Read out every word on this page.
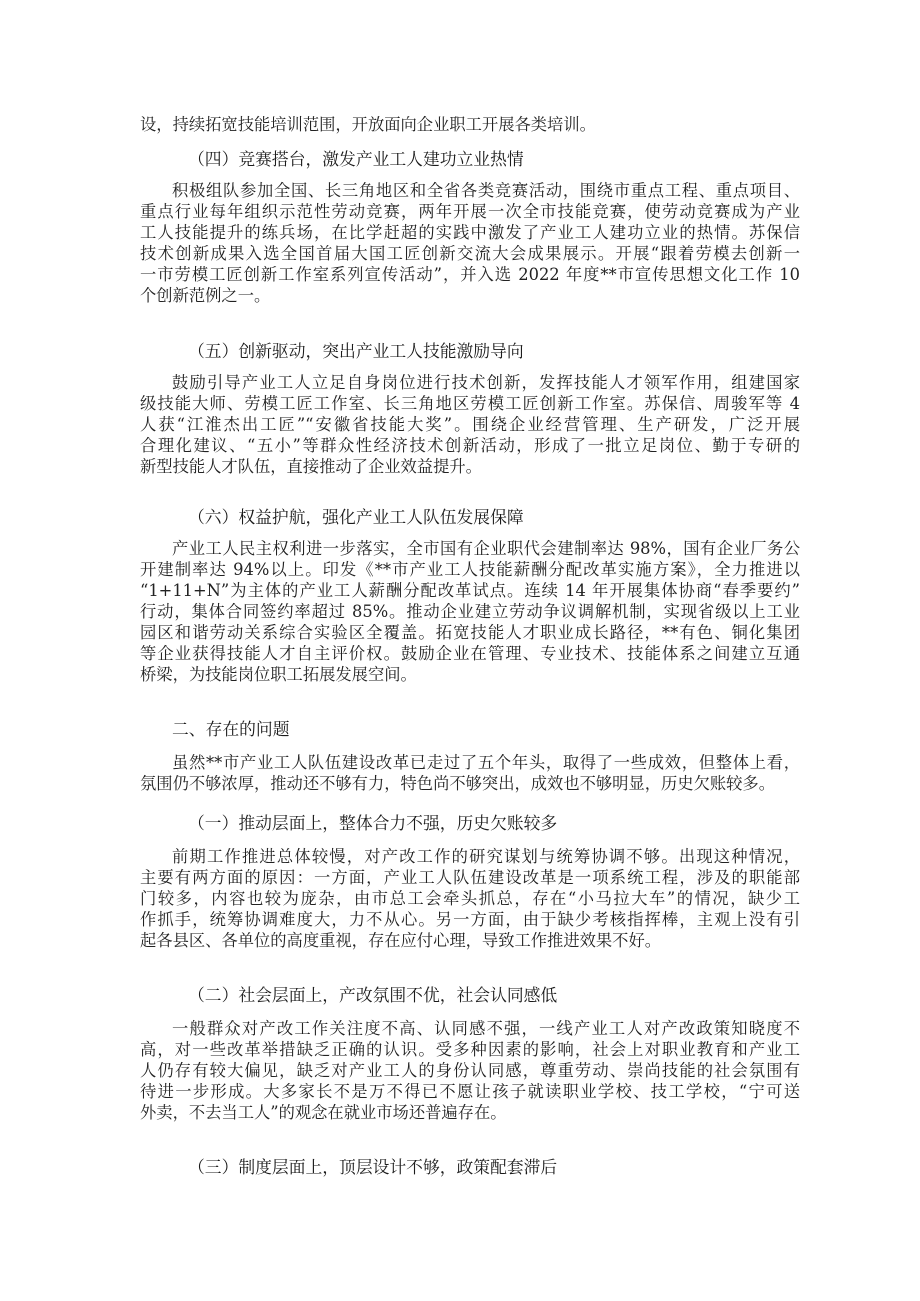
设，持续拓宽技能培训范围，开放面向企业职工开展各类培训。
（四）竞赛搭台，激发产业工人建功立业热情
积极组队参加全国、长三角地区和全省各类竞赛活动，围绕市重点工程、重点项目、
重点行业每年组织示范性劳动竞赛，两年开展一次全市技能竞赛，使劳动竞赛成为产业
工人技能提升的练兵场，在比学赶超的实践中激发了产业工人建功立业的热情。苏保信
技术创新成果入选全国首届大国工匠创新交流大会成果展示。开展“跟着劳模去创新一
一市劳模工匠创新工作室系列宣传活动”，并入选 2022 年度**市宣传思想文化工作 10
个创新范例之一。
（五）创新驱动，突出产业工人技能激励导向
鼓励引导产业工人立足自身岗位进行技术创新，发挥技能人才领军作用，组建国家
级技能大师、劳模工匠工作室、长三角地区劳模工匠创新工作室。苏保信、周骏军等 4
人获“江淮杰出工匠”“安徽省技能大奖”。围绕企业经营管理、生产研发，广泛开展
合理化建议、“五小”等群众性经济技术创新活动，形成了一批立足岗位、勤于专研的
新型技能人才队伍，直接推动了企业效益提升。
（六）权益护航，强化产业工人队伍发展保障
产业工人民主权利进一步落实，全市国有企业职代会建制率达 98%，国有企业厂务公
开建制率达 94%以上。印发《**市产业工人技能薪酬分配改革实施方案》，全力推进以
“1+11+N”为主体的产业工人薪酬分配改革试点。连续 14 年开展集体协商“春季要约”
行动，集体合同签约率超过 85%。推动企业建立劳动争议调解机制，实现省级以上工业
园区和谐劳动关系综合实验区全覆盖。拓宽技能人才职业成长路径，**有色、铜化集团
等企业获得技能人才自主评价权。鼓励企业在管理、专业技术、技能体系之间建立互通
桥梁，为技能岗位职工拓展发展空间。
二、存在的问题
虽然**市产业工人队伍建设改革已走过了五个年头，取得了一些成效，但整体上看，
氛围仍不够浓厚，推动还不够有力，特色尚不够突出，成效也不够明显，历史欠账较多。
（一）推动层面上，整体合力不强，历史欠账较多
前期工作推进总体较慢，对产改工作的研究谋划与统筹协调不够。出现这种情况，
主要有两方面的原因：一方面，产业工人队伍建设改革是一项系统工程，涉及的职能部
门较多，内容也较为庞杂，由市总工会牵头抓总，存在“小马拉大车”的情况，缺少工
作抓手，统筹协调难度大，力不从心。另一方面，由于缺少考核指挥棒，主观上没有引
起各县区、各单位的高度重视，存在应付心理，导致工作推进效果不好。
（二）社会层面上，产改氛围不优，社会认同感低
一般群众对产改工作关注度不高、认同感不强，一线产业工人对产改政策知晓度不
高，对一些改革举措缺乏正确的认识。受多种因素的影响，社会上对职业教育和产业工
人仍存有较大偏见，缺乏对产业工人的身份认同感，尊重劳动、崇尚技能的社会氛围有
待进一步形成。大多家长不是万不得已不愿让孩子就读职业学校、技工学校，“宁可送
外卖，不去当工人”的观念在就业市场还普遍存在。
（三）制度层面上，顶层设计不够，政策配套滞后
